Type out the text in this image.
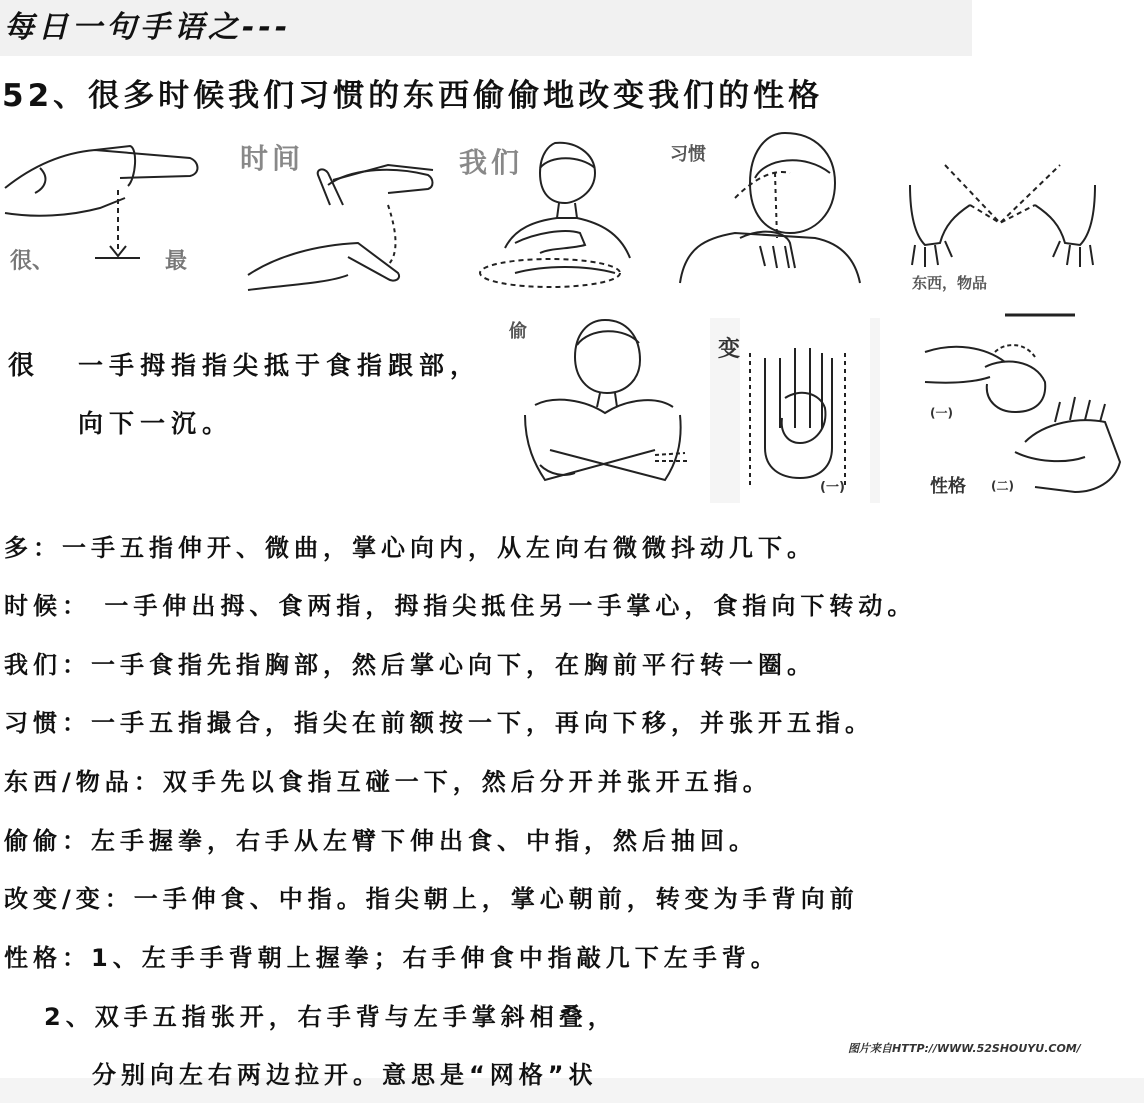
每日一句手语之---
52、很多时候我们习惯的东西偷偷地改变我们的性格
很、	最
时间	我们	习惯
东西，物品
很 一手拇指指尖抵于食指跟部，
向下一沉。
偷
变
(一)
(一)
性格 (二)
多：一手五指伸开、微曲，掌心向内，从左向右微微抖动几下。
时候： 一手伸出拇、食两指，拇指尖抵住另一手掌心，食指向下转动。
我们：一手食指先指胸部，然后掌心向下，在胸前平行转一圈。
习惯：一手五指撮合，指尖在前额按一下，再向下移，并张开五指。
东西/物品：双手先以食指互碰一下，然后分开并张开五指。
偷偷：左手握拳，右手从左臂下伸出食、中指，然后抽回。
改变/变：一手伸食、中指。指尖朝上，掌心朝前，转变为手背向前
性格：1、左手手背朝上握拳；右手伸食中指敲几下左手背。
2、双手五指张开，右手背与左手掌斜相叠，
分别向左右两边拉开。意思是“网格”状
图片来自HTTP://WWW.52SHOUYU.COM/
